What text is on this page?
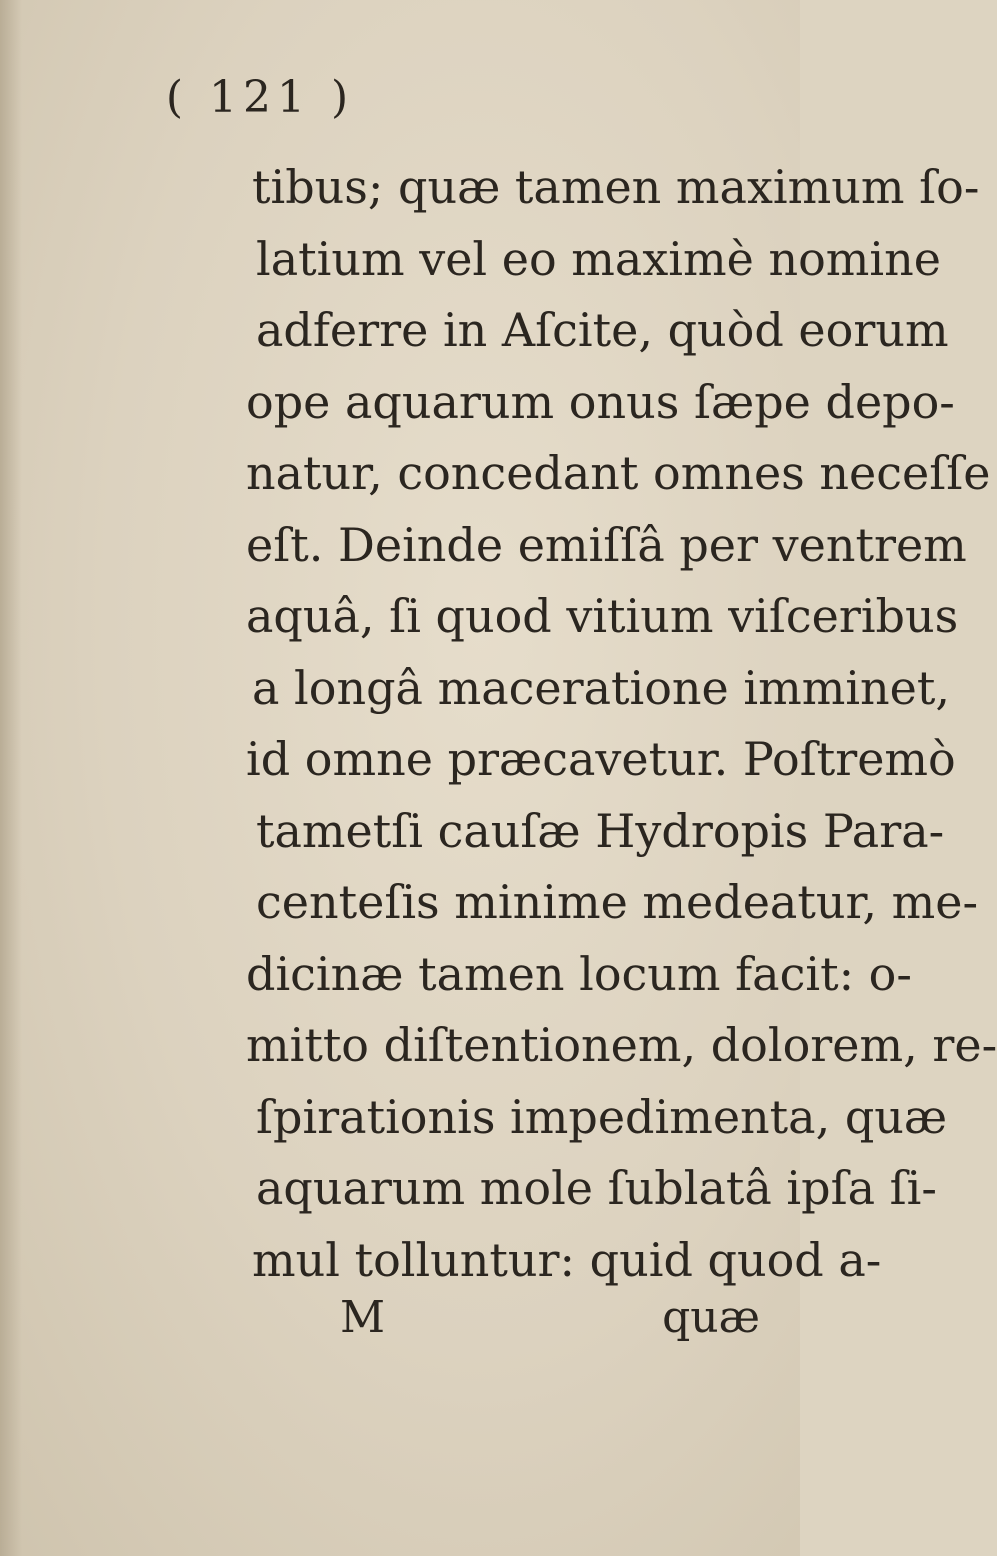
( 121 )
tibus; quæ tamen maximum ſo-
latium vel eo maximè nomine
adferre in Aſcite, quòd eorum
ope aquarum onus ſæpe depo-
natur, concedant omnes neceſſe
eſt. Deinde emiſſâ per ventrem
aquâ, ſi quod vitium viſceribus
a longâ maceratione imminet,
id omne præcavetur. Poſtremò
tametſi cauſæ Hydropis Para-
centeſis minime medeatur, me-
dicinæ tamen locum facit: o-
mitto diſtentionem, dolorem, re-
ſpirationis impedimenta, quæ
aquarum mole ſublatâ ipſa ſi-
mul tolluntur: quid quod a-
M	quæ
